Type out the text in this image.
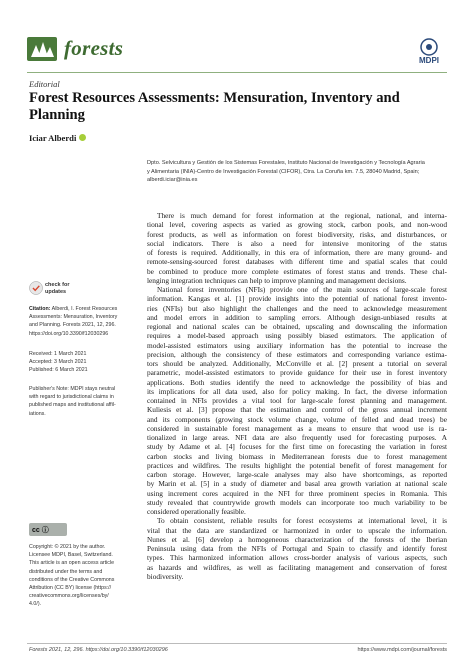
forests
MDPI
Editorial
Forest Resources Assessments: Mensuration, Inventory and
Planning
Iciar Alberdi
Dpto. Selvicultura y Gestión de los Sistemas Forestales, Instituto Nacional de Investigación y Tecnología Agraria
y Alimentaria (INIA)-Centro de Investigación Forestal (CIFOR), Ctra. La Coruña km. 7.5, 28040 Madrid, Spain;
alberdi.iciar@inia.es
There is much demand for forest information at the regional, national, and interna-
tional level, covering aspects as varied as growing stock, carbon pools, and non-wood
forest products, as well as information on forest biodiversity, risks, and disturbances, or
social indicators. There is also a need for intensive monitoring of the status
of forests is required. Additionally, in this era of information, there are many ground- and
remote-sensing-sourced forest databases with different time and spatial scales that could
be combined to produce more complete estimates of forest status and trends. These chal-
lenging integration techniques can help to improve planning and management decisions.
National forest inventories (NFIs) provide one of the main sources of large-scale forest
information. Kangas et al. [1] provide insights into the potential of national forest invento-
ries (NFIs) but also highlight the challenges and the need to acknowledge measurement
and model errors in addition to sampling errors. Although design-unbiased results at
regional and national scales can be obtained, upscaling and downscaling the information
requires a model-based approach using possibly biased estimators. The application of
model-assisted estimators using auxiliary information has the potential to increase the
precision, although the consistency of these estimators and corresponding variance estima-
tors should be analyzed. Additionally, McConville et al. [2] present a tutorial on several
parametric, model-assisted estimators to provide guidance for their use in forest inventory
applications. Both studies identify the need to acknowledge the possibility of bias and
its implications for all data used, also for policy making. In fact, the diverse information
contained in NFIs provides a vital tool for large-scale forest planning and management.
Kuliesis et al. [3] propose that the estimation and control of the gross annual increment
and its components (growing stock volume change, volume of felled and dead trees) be
considered in sustainable forest management as a means to ensure that wood use is ra-
tionalized in large areas. NFI data are also frequently used for forecasting purposes. A
study by Adame et al. [4] focuses for the first time on forecasting the variation in forest
carbon stocks and living biomass in Mediterranean forests due to forest management
practices and wildfires. The results highlight the potential benefit of forest management for
carbon storage. However, large-scale analyses may also have shortcomings, as reported
by Marin et al. [5] in a study of diameter and basal area growth variation at national scale
using increment cores acquired in the NFI for three prominent species in Romania. This
study revealed that countrywide growth models can incorporate too much variability to be
considered operationally feasible.
To obtain consistent, reliable results for forest ecosystems at international level, it is
vital that the data are standardized or harmonized in order to upscale the information.
Nunes et al. [6] develop a homogeneous characterization of the forests of the Iberian
Peninsula using data from the NFIs of Portugal and Spain to classify and identify forest
types. This harmonized information allows cross-border analysis of various aspects, such
as hazards and wildfires, as well as facilitating management and conservation of forest
biodiversity.
check for
updates
Citation: Alberdi, I. Forest Resources
Assessments: Mensuration, Inventory
and Planning. Forests 2021, 12, 296.
https://doi.org/10.3390/f12030296
Received: 1 March 2021
Accepted: 3 March 2021
Published: 6 March 2021
Publisher's Note: MDPI stays neutral
with regard to jurisdictional claims in
published maps and institutional affil-
iations.
cc ⓘ
Copyright: © 2021 by the author.
Licensee MDPI, Basel, Switzerland.
This article is an open access article
distributed under the terms and
conditions of the Creative Commons
Attribution (CC BY) license (https://
creativecommons.org/licenses/by/
4.0/).
Forests 2021, 12, 296. https://doi.org/10.3390/f12030296	https://www.mdpi.com/journal/forests
